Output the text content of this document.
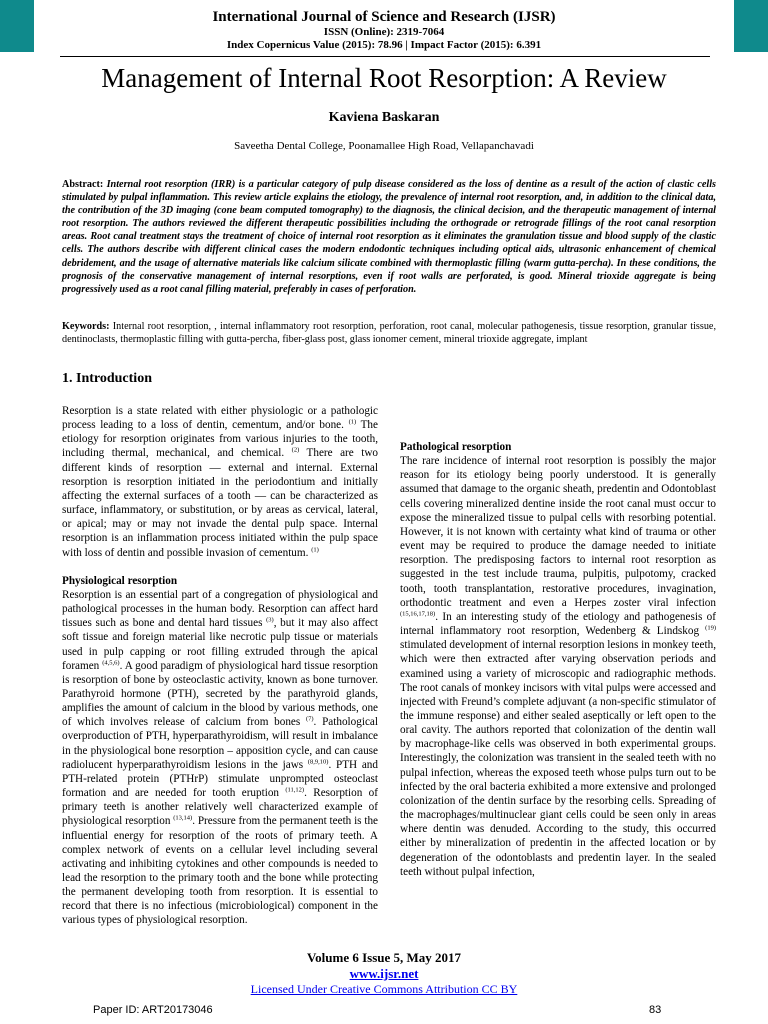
International Journal of Science and Research (IJSR)
ISSN (Online): 2319-7064
Index Copernicus Value (2015): 78.96 | Impact Factor (2015): 6.391
Management of Internal Root Resorption: A Review
Kaviena Baskaran
Saveetha Dental College, Poonamallee High Road, Vellapanchavadi
Abstract: Internal root resorption (IRR) is a particular category of pulp disease considered as the loss of dentine as a result of the action of clastic cells stimulated by pulpal inflammation. This review article explains the etiology, the prevalence of internal root resorption, and, in addition to the clinical data, the contribution of the 3D imaging (cone beam computed tomography) to the diagnosis, the clinical decision, and the therapeutic management of internal root resorption. The authors reviewed the different therapeutic possibilities including the orthograde or retrograde fillings of the root canal resorption areas. Root canal treatment stays the treatment of choice of internal root resorption as it eliminates the granulation tissue and blood supply of the clastic cells. The authors describe with different clinical cases the modern endodontic techniques including optical aids, ultrasonic enhancement of chemical debridement, and the usage of alternative materials like calcium silicate combined with thermoplastic filling (warm gutta-percha). In these conditions, the prognosis of the conservative management of internal resorptions, even if root walls are perforated, is good. Mineral trioxide aggregate is being progressively used as a root canal filling material, preferably in cases of perforation.
Keywords: Internal root resorption, , internal inflammatory root resorption, perforation, root canal, molecular pathogenesis, tissue resorption, granular tissue, dentinoclasts, thermoplastic filling with gutta-percha, fiber-glass post, glass ionomer cement, mineral trioxide aggregate, implant
1. Introduction

Resorption is a state related with either physiologic or a pathologic process leading to a loss of dentin, cementum, and/or bone. $^{(1)}$ The etiology for resorption originates from various injuries to the tooth, including thermal, mechanical, and chemical. $^{(2)}$ There are two different kinds of resorption — external and internal. External resorption is resorption initiated in the periodontium and initially affecting the external surfaces of a tooth — can be characterized as surface, inflammatory, or substitution, or by areas as cervical, lateral, or apical; may or may not invade the dental pulp space. Internal resorption is an inflammation process initiated within the pulp space with loss of dentin and possible invasion of cementum. $^{(1)}$

Physiological resorption

Resorption is an essential part of a congregation of physiological and pathological processes in the human body. Resorption can affect hard tissues such as bone and dental hard tissues $^{(3)}$, but it may also affect soft tissue and foreign material like necrotic pulp tissue or materials used in pulp capping or root filling extruded through the apical foramen $^{(4,5,6)}$. A good paradigm of physiological hard tissue resorption is resorption of bone by osteoclastic activity, known as bone turnover. Parathyroid hormone (PTH), secreted by the parathyroid glands, amplifies the amount of calcium in the blood by various methods, one of which involves release of calcium from bones $^{(7)}$. Pathological overproduction of PTH, hyperparathyroidism, will result in imbalance in the physiological bone resorption – apposition cycle, and can cause radiolucent hyperparathyroidism lesions in the jaws $^{(8,9,10)}$. PTH and PTH-related protein (PTHrP) stimulate unprompted osteoclast formation and are needed for tooth eruption $^{(11,12)}$. Resorption of primary teeth is another relatively well characterized example of physiological resorption $^{(13,14)}$. Pressure from the permanent teeth is the influential energy for resorption of the roots of primary teeth. A complex network of events on a cellular level including several activating and inhibiting cytokines and other compounds is needed to lead the resorption to the primary tooth and the bone while protecting the permanent developing tooth from resorption. It is essential to record that there is no infectious (microbiological) component in the various types of physiological resorption.

Pathological resorption

The rare incidence of internal root resorption is possibly the major reason for its etiology being poorly understood. It is generally assumed that damage to the organic sheath, predentin and Odontoblast cells covering mineralized dentine inside the root canal must occur to expose the mineralized tissue to pulpal cells with resorbing potential. However, it is not known with certainty what kind of trauma or other event may be required to produce the damage needed to initiate resorption. The predisposing factors to internal root resorption as suggested in the test include trauma, pulpitis, pulpotomy, cracked tooth, tooth transplantation, restorative procedures, invagination, orthodontic treatment and even a Herpes zoster viral infection $^{(15,16,17,18)}$. In an interesting study of the etiology and pathogenesis of internal inflammatory root resorption, Wedenberg & Lindskog $^{(19)}$ stimulated development of internal resorption lesions in monkey teeth, which were then extracted after varying observation periods and examined using a variety of microscopic and radiographic methods. The root canals of monkey incisors with vital pulps were accessed and injected with Freund’s complete adjuvant (a non-specific stimulator of the immune response) and either sealed aseptically or left open to the oral cavity. The authors reported that colonization of the dentin wall by macrophage-like cells was observed in both experimental groups. Interestingly, the colonization was transient in the sealed teeth with no pulpal infection, whereas the exposed teeth whose pulps turn out to be infected by the oral bacteria exhibited a more extensive and prolonged colonization of the dentin surface by the resorbing cells. Spreading of the macrophages/multinuclear giant cells could be seen only in areas where dentin was denuded. According to the study, this occurred either by mineralization of predentin in the affected location or by degeneration of the odontoblasts and predentin layer. In the sealed teeth without pulpal infection,

Volume 6 Issue 5, May 2017
www.ijsr.net
Licensed Under Creative Commons Attribution CC BY
Paper ID: ART20173046	83
